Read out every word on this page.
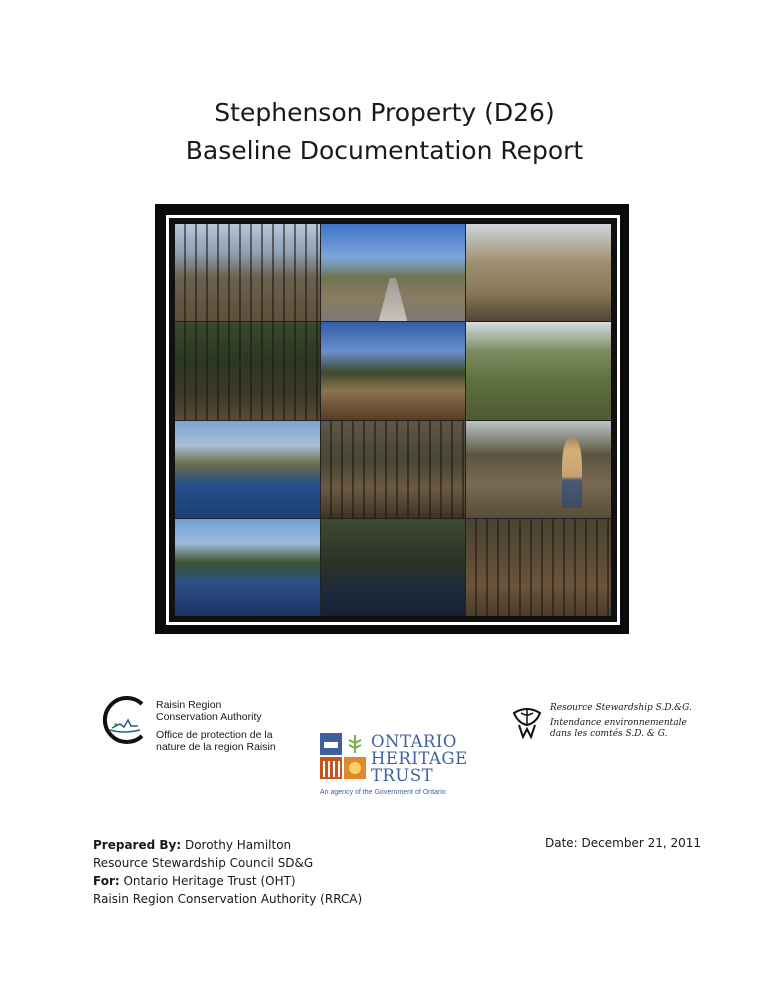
Stephenson Property (D26)
Baseline Documentation Report
Raisin Region
Conservation Authority
Office de protection de la
nature de la region Raisin	ONTARIO
HERITAGE
TRUST
An agency of the Government of Ontario
Resource Stewardship S.D.&G.
Intendance environnementale
dans les comtés S.D. & G.
Prepared By: Dorothy Hamilton
Resource Stewardship Council SD&G
For: Ontario Heritage Trust (OHT)
Raisin Region Conservation Authority (RRCA)
Date: December 21, 2011
